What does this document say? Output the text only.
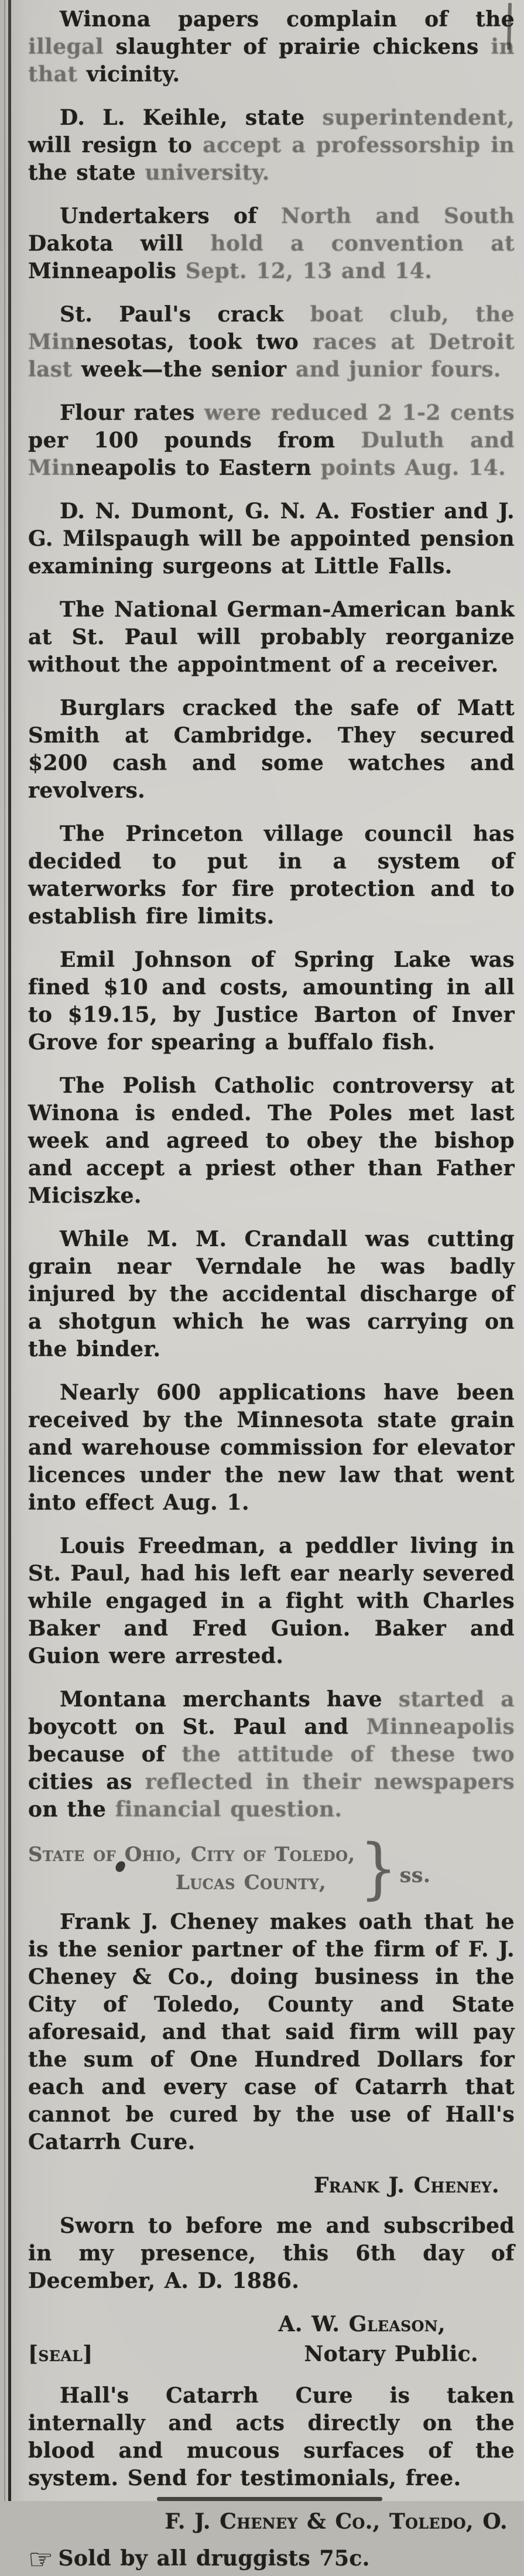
Winona papers complain of the illegal slaughter of prairie chickens in that vicinity.

D. L. Keihle, state superintendent, will resign to accept a professorship in the state university.

Undertakers of North and South Dakota will hold a convention at Minneapolis Sept. 12, 13 and 14.

St. Paul's crack boat club, the Minnesotas, took two races at Detroit last week—the senior and junior fours.

Flour rates were reduced 2 1-2 cents per 100 pounds from Duluth and Minneapolis to Eastern points Aug. 14.

D. N. Dumont, G. N. A. Fostier and J. G. Milspaugh will be appointed pension examining surgeons at Little Falls.

The National German-American bank at St. Paul will probably reorganize without the appointment of a receiver.

Burglars cracked the safe of Matt Smith at Cambridge. They secured $200 cash and some watches and revolvers.

The Princeton village council has decided to put in a system of waterworks for fire protection and to establish fire limits.

Emil Johnson of Spring Lake was fined $10 and costs, amounting in all to $19.15, by Justice Barton of Inver Grove for spearing a buffalo fish.

The Polish Catholic controversy at Winona is ended. The Poles met last week and agreed to obey the bishop and accept a priest other than Father Miciszke.

While M. M. Crandall was cutting grain near Verndale he was badly injured by the accidental discharge of a shotgun which he was carrying on the binder.

Nearly 600 applications have been received by the Minnesota state grain and warehouse commission for elevator licences under the new law that went into effect Aug. 1.

Louis Freedman, a peddler living in St. Paul, had his left ear nearly severed while engaged in a fight with Charles Baker and Fred Guion. Baker and Guion were arrested.

Montana merchants have started a boycott on St. Paul and Minneapolis because of the attitude of these two cities as reflected in their newspapers on the financial question.

State of Ohio, City of Toledo,
Lucas County, } ss.

Frank J. Cheney makes oath that he is the senior partner of the firm of F. J. Cheney & Co., doing business in the City of Toledo, County and State aforesaid, and that said firm will pay the sum of One Hundred Dollars for each and every case of Catarrh that cannot be cured by the use of Hall's Catarrh Cure.

Frank J. Cheney.

Sworn to before me and subscribed in my presence, this 6th day of December, A. D. 1886.

A. W. Gleason,

[seal]	Notary Public.

Hall's Catarrh Cure is taken internally and acts directly on the blood and mucous surfaces of the system. Send for testimonials, free.

F. J. Cheney & Co., Toledo, O.

☞ Sold by all druggists 75c.
